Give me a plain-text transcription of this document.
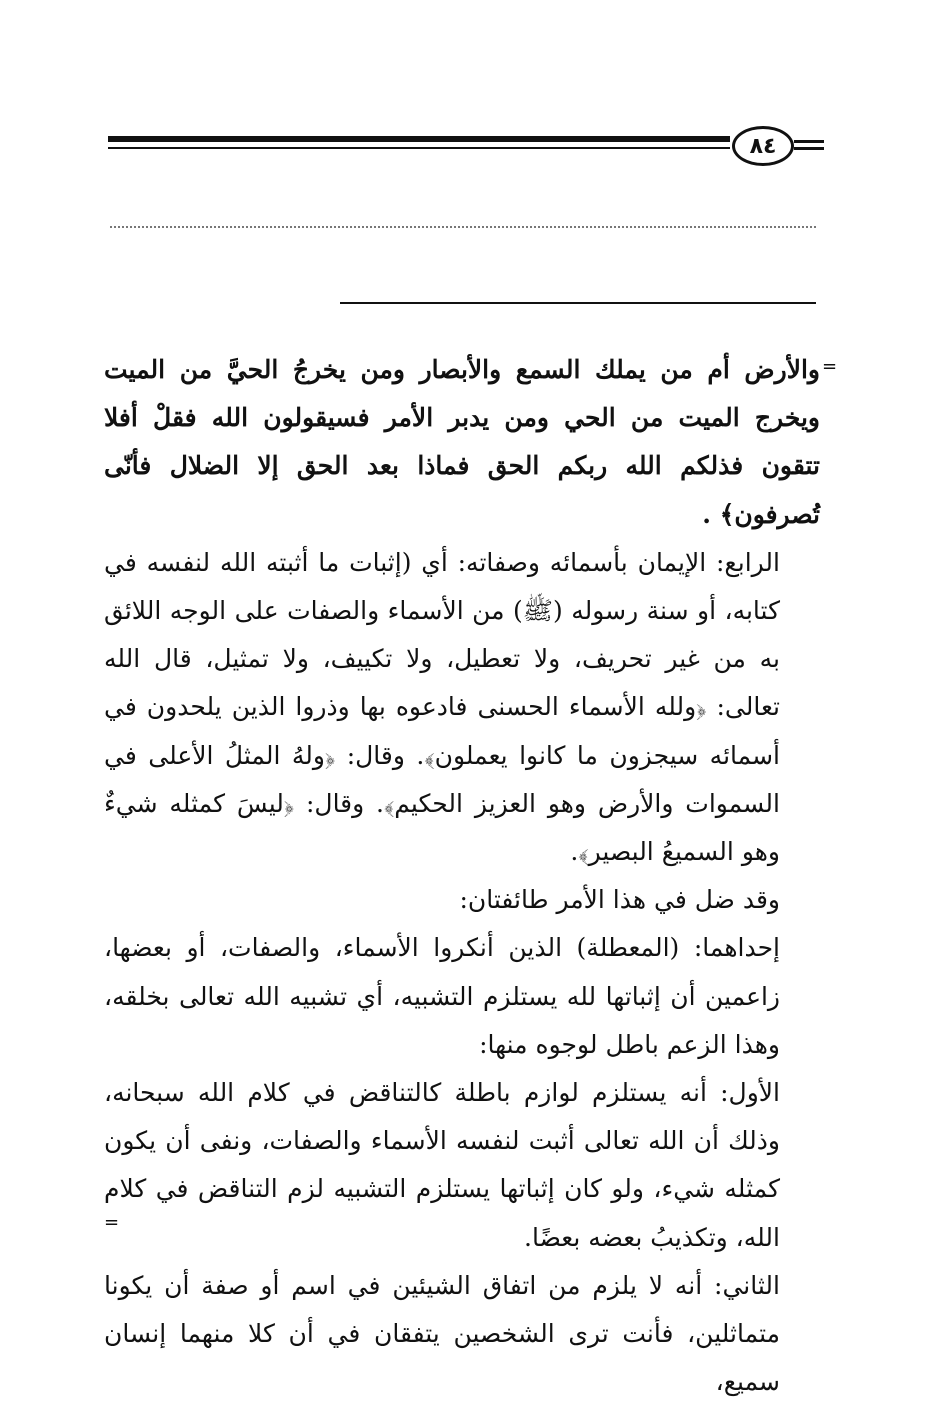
٨٤
=
=

والأرض أم من يملك السمع والأبصار ومن يخرجُ الحيَّ من الميت ويخرج الميت من الحي ومن يدبر الأمر فسيقولون الله فقلْ أفلا تتقون فذلكم الله ربكم الحق فماذا بعد الحق إلا الضلال فأنّى تُصرفون﴾ .

الرابع: الإيمان بأسمائه وصفاته: أي (إثبات ما أثبته الله لنفسه في كتابه، أو سنة رسوله (ﷺ) من الأسماء والصفات على الوجه اللائق به من غير تحريف، ولا تعطيل، ولا تكييف، ولا تمثيل، قال الله تعالى: ﴿ولله الأسماء الحسنى فادعوه بها وذروا الذين يلحدون في أسمائه سيجزون ما كانوا يعملون﴾. وقال: ﴿ولهُ المثلُ الأعلى في السموات والأرض وهو العزيز الحكيم﴾. وقال: ﴿ليسَ كمثله شيءٌ وهو السميعُ البصير﴾.

وقد ضل في هذا الأمر طائفتان:

إحداهما: (المعطلة) الذين أنكروا الأسماء، والصفات، أو بعضها، زاعمين أن إثباتها لله يستلزم التشبيه، أي تشبيه الله تعالى بخلقه، وهذا الزعم باطل لوجوه منها:

الأول: أنه يستلزم لوازم باطلة كالتناقض في كلام الله سبحانه، وذلك أن الله تعالى أثبت لنفسه الأسماء والصفات، ونفى أن يكون كمثله شيء، ولو كان إثباتها يستلزم التشبيه لزم التناقض في كلام الله، وتكذيبُ بعضه بعضًا.

الثاني: أنه لا يلزم من اتفاق الشيئين في اسم أو صفة أن يكونا متماثلين، فأنت ترى الشخصين يتفقان في أن كلا منهما إنسان سميع،
